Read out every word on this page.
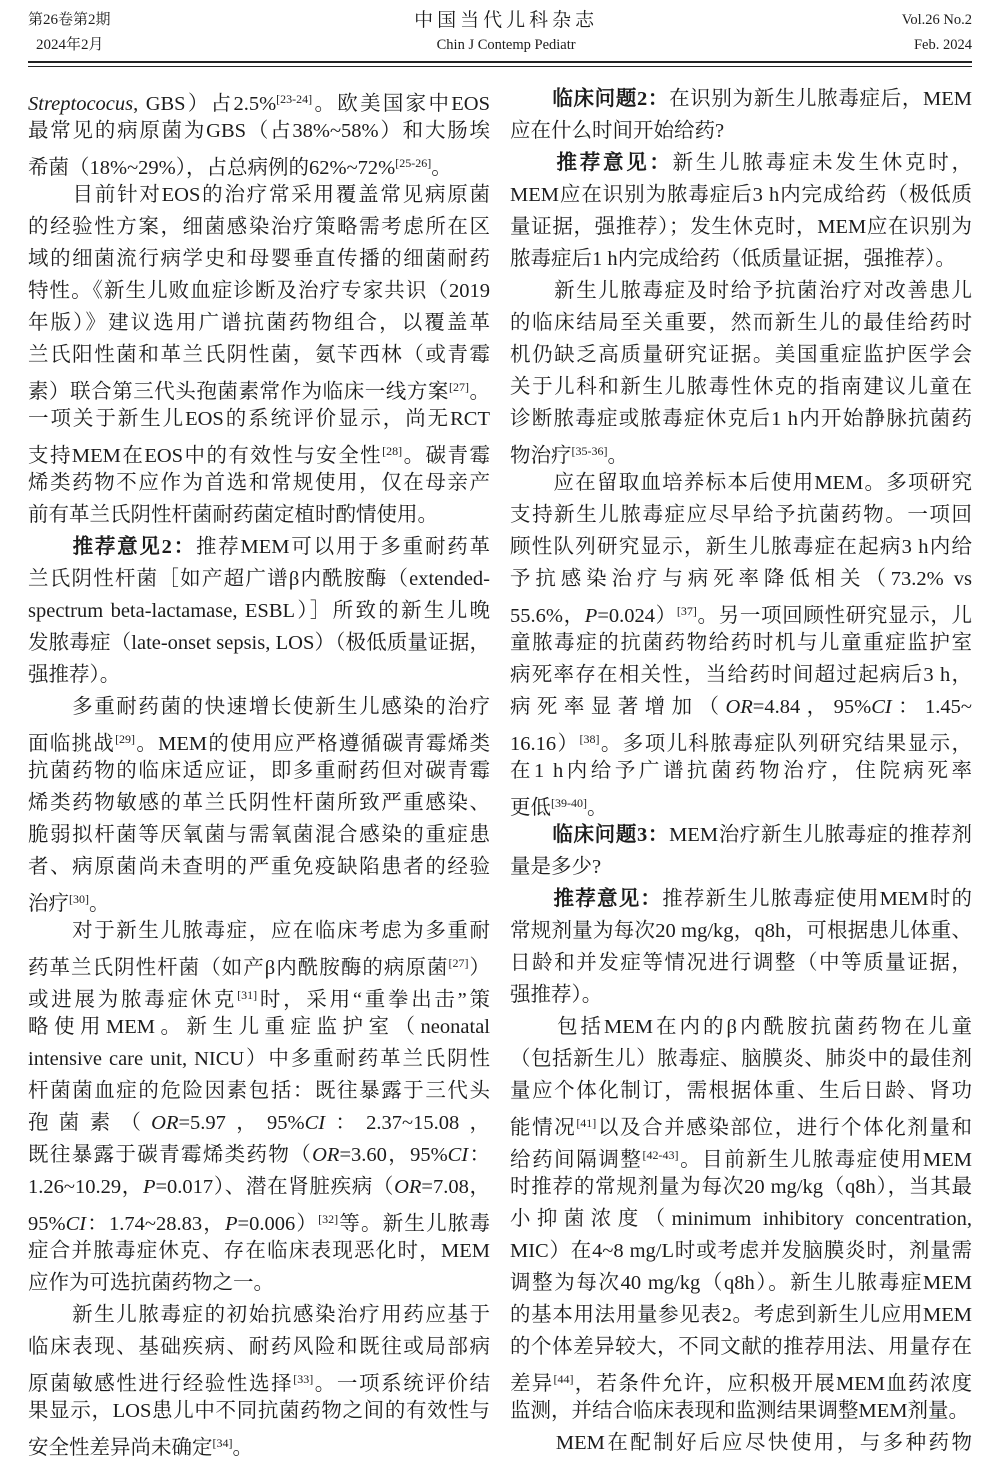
第26卷第2期
2024年2月
中国当代儿科杂志
Chin J Contemp Pediatr
Vol.26 No.2
Feb. 2024
Streptococus, GBS）占2.5%[23-24]。欧美国家中EOS
最常见的病原菌为GBS（占38%~58%）和大肠埃
希菌（18%~29%），占总病例的62%~72%[25-26]。
　　目前针对EOS的治疗常采用覆盖常见病原菌
的经验性方案，细菌感染治疗策略需考虑所在区
域的细菌流行病学史和母婴垂直传播的细菌耐药
特性。《新生儿败血症诊断及治疗专家共识（2019
年版）》建议选用广谱抗菌药物组合，以覆盖革
兰氏阳性菌和革兰氏阴性菌，氨苄西林（或青霉
素）联合第三代头孢菌素常作为临床一线方案[27]。
一项关于新生儿EOS的系统评价显示，尚无RCT
支持MEM在EOS中的有效性与安全性[28]。碳青霉
烯类药物不应作为首选和常规使用，仅在母亲产
前有革兰氏阴性杆菌耐药菌定植时酌情使用。
　　推荐意见2：推荐MEM可以用于多重耐药革
兰氏阴性杆菌［如产超广谱β内酰胺酶（extended-
spectrum beta-lactamase, ESBL）］所致的新生儿晚
发脓毒症（late-onset sepsis, LOS）（极低质量证据，
强推荐）。
　　多重耐药菌的快速增长使新生儿感染的治疗
面临挑战[29]。MEM的使用应严格遵循碳青霉烯类
抗菌药物的临床适应证，即多重耐药但对碳青霉
烯类药物敏感的革兰氏阴性杆菌所致严重感染、
脆弱拟杆菌等厌氧菌与需氧菌混合感染的重症患
者、病原菌尚未查明的严重免疫缺陷患者的经验
治疗[30]。
　　对于新生儿脓毒症，应在临床考虑为多重耐
药革兰氏阴性杆菌（如产β内酰胺酶的病原菌[27]）
或进展为脓毒症休克[31]时，采用“重拳出击”策
略使用MEM。新生儿重症监护室（neonatal
intensive care unit, NICU）中多重耐药革兰氏阴性
杆菌菌血症的危险因素包括：既往暴露于三代头
孢菌素（OR=5.97，95%CI：2.37~15.08，
既往暴露于碳青霉烯类药物（OR=3.60，95%CI：
1.26~10.29，P=0.017）、潜在肾脏疾病（OR=7.08，
95%CI：1.74~28.83，P=0.006）[32]等。新生儿脓毒
症合并脓毒症休克、存在临床表现恶化时，MEM
应作为可选抗菌药物之一。
　　新生儿脓毒症的初始抗感染治疗用药应基于
临床表现、基础疾病、耐药风险和既往或局部病
原菌敏感性进行经验性选择[33]。一项系统评价结
果显示，LOS患儿中不同抗菌药物之间的有效性与
安全性差异尚未确定[34]。
　　临床问题2：在识别为新生儿脓毒症后，MEM
应在什么时间开始给药?
　　推荐意见：新生儿脓毒症未发生休克时，
MEM应在识别为脓毒症后3 h内完成给药（极低质
量证据，强推荐）；发生休克时，MEM应在识别为
脓毒症后1 h内完成给药（低质量证据，强推荐）。
　　新生儿脓毒症及时给予抗菌治疗对改善患儿
的临床结局至关重要，然而新生儿的最佳给药时
机仍缺乏高质量研究证据。美国重症监护医学会
关于儿科和新生儿脓毒性休克的指南建议儿童在
诊断脓毒症或脓毒症休克后1 h内开始静脉抗菌药
物治疗[35-36]。
　　应在留取血培养标本后使用MEM。多项研究
支持新生儿脓毒症应尽早给予抗菌药物。一项回
顾性队列研究显示，新生儿脓毒症在起病3 h内给
予抗感染治疗与病死率降低相关（73.2% vs
55.6%，P=0.024）[37]。另一项回顾性研究显示，儿
童脓毒症的抗菌药物给药时机与儿童重症监护室
病死率存在相关性，当给药时间超过起病后3 h，
病死率显著增加（OR=4.84，95%CI：1.45~
16.16）[38]。多项儿科脓毒症队列研究结果显示，
在1 h内给予广谱抗菌药物治疗，住院病死率
更低[39-40]。
　　临床问题3：MEM治疗新生儿脓毒症的推荐剂
量是多少?
　　推荐意见：推荐新生儿脓毒症使用MEM时的
常规剂量为每次20 mg/kg，q8h，可根据患儿体重、
日龄和并发症等情况进行调整（中等质量证据，
强推荐）。
　　包括MEM在内的β内酰胺抗菌药物在儿童
（包括新生儿）脓毒症、脑膜炎、肺炎中的最佳剂
量应个体化制订，需根据体重、生后日龄、肾功
能情况[41]以及合并感染部位，进行个体化剂量和
给药间隔调整[42-43]。目前新生儿脓毒症使用MEM
时推荐的常规剂量为每次20 mg/kg（q8h），当其最
小抑菌浓度（minimum inhibitory concentration,
MIC）在4~8 mg/L时或考虑并发脑膜炎时，剂量需
调整为每次40 mg/kg（q8h）。新生儿脓毒症MEM
的基本用法用量参见表2。考虑到新生儿应用MEM
的个体差异较大，不同文献的推荐用法、用量存在
差异[44]，若条件允许，应积极开展MEM血药浓度
监测，并结合临床表现和监测结果调整MEM剂量。
　　MEM在配制好后应尽快使用，与多种药物
